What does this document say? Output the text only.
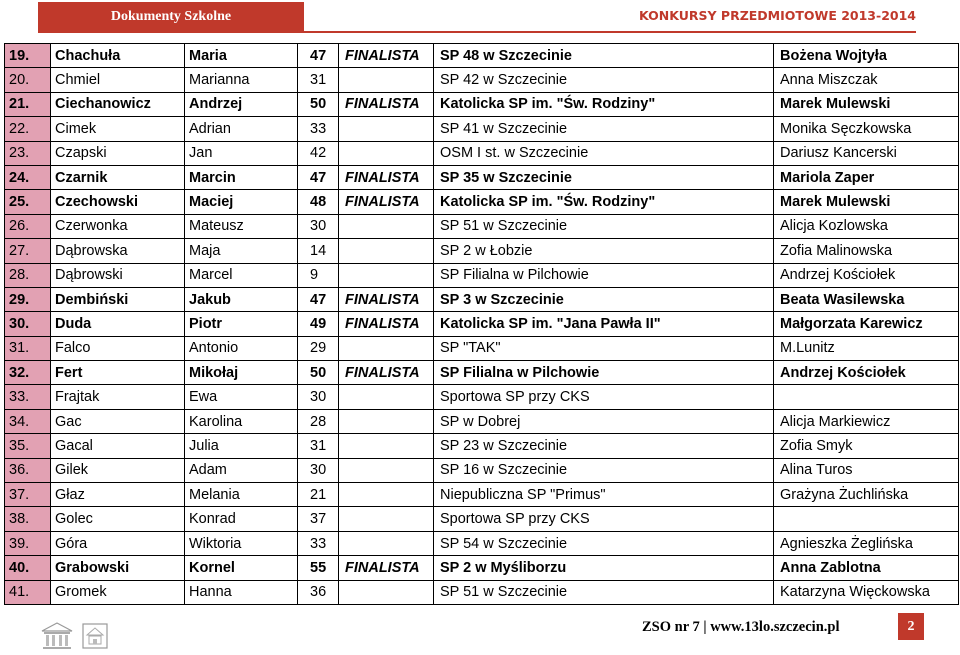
Dokumenty Szkolne	KONKURSY PRZEDMIOTOWE 2013-2014
19.	Chachuła	Maria	47	FINALISTA	SP 48 w Szczecinie	Bożena Wojtyła
20.	Chmiel	Marianna	31		SP 42 w Szczecinie	Anna Miszczak
21.	Ciechanowicz	Andrzej	50	FINALISTA	Katolicka SP im. "Św. Rodziny"	Marek Mulewski
22.	Cimek	Adrian	33		SP 41 w Szczecinie	Monika Sęczkowska
23.	Czapski	Jan	42		OSM I st. w Szczecinie	Dariusz Kancerski
24.	Czarnik	Marcin	47	FINALISTA	SP 35 w Szczecinie	Mariola Zaper
25.	Czechowski	Maciej	48	FINALISTA	Katolicka SP im. "Św. Rodziny"	Marek Mulewski
26.	Czerwonka	Mateusz	30		SP 51 w Szczecinie	Alicja Kozlowska
27.	Dąbrowska	Maja	14		SP 2 w Łobzie	Zofia Malinowska
28.	Dąbrowski	Marcel	9		SP Filialna w Pilchowie	Andrzej Kościołek
29.	Dembiński	Jakub	47	FINALISTA	SP 3 w Szczecinie	Beata Wasilewska
30.	Duda	Piotr	49	FINALISTA	Katolicka SP im. "Jana Pawła II"	Małgorzata Karewicz
31.	Falco	Antonio	29		SP "TAK"	M.Lunitz
32.	Fert	Mikołaj	50	FINALISTA	SP Filialna w Pilchowie	Andrzej Kościołek
33.	Frajtak	Ewa	30		Sportowa SP przy CKS	
34.	Gac	Karolina	28		SP w Dobrej	Alicja Markiewicz
35.	Gacal	Julia	31		SP 23 w Szczecinie	Zofia Smyk
36.	Gilek	Adam	30		SP 16 w Szczecinie	Alina Turos
37.	Głaz	Melania	21		Niepubliczna SP "Primus"	Grażyna Żuchlińska
38.	Golec	Konrad	37		Sportowa SP przy CKS	
39.	Góra	Wiktoria	33		SP 54 w Szczecinie	Agnieszka Żeglińska
40.	Grabowski	Kornel	55	FINALISTA	SP 2 w Myśliborzu	Anna Zablotna
41.	Gromek	Hanna	36		SP 51 w Szczecinie	Katarzyna Więckowska
ZSO nr 7 | www.13lo.szczecin.pl	2
